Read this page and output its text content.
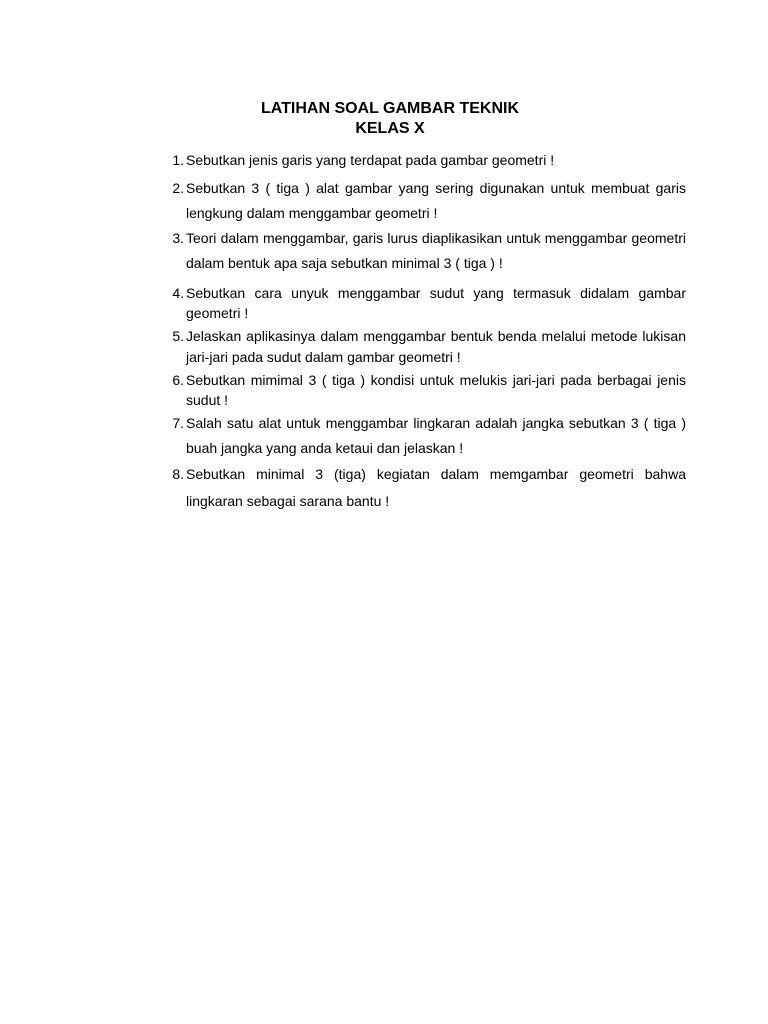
LATIHAN SOAL GAMBAR TEKNIK
KELAS X
1. Sebutkan jenis garis yang terdapat pada gambar geometri !
2. Sebutkan 3 ( tiga ) alat gambar yang sering digunakan untuk membuat garis lengkung dalam menggambar geometri !
3. Teori dalam menggambar, garis lurus diaplikasikan untuk menggambar geometri dalam bentuk apa saja sebutkan minimal 3 ( tiga ) !
4. Sebutkan cara unyuk menggambar sudut yang termasuk didalam gambar geometri !
5. Jelaskan aplikasinya dalam menggambar bentuk benda melalui metode lukisan jari-jari pada sudut dalam gambar geometri !
6. Sebutkan mimimal 3 ( tiga ) kondisi untuk melukis jari-jari pada berbagai jenis sudut !
7. Salah satu alat untuk menggambar lingkaran adalah jangka sebutkan 3 ( tiga ) buah jangka yang anda ketaui dan jelaskan !
8. Sebutkan minimal 3 (tiga) kegiatan dalam memgambar geometri bahwa lingkaran sebagai sarana bantu !
